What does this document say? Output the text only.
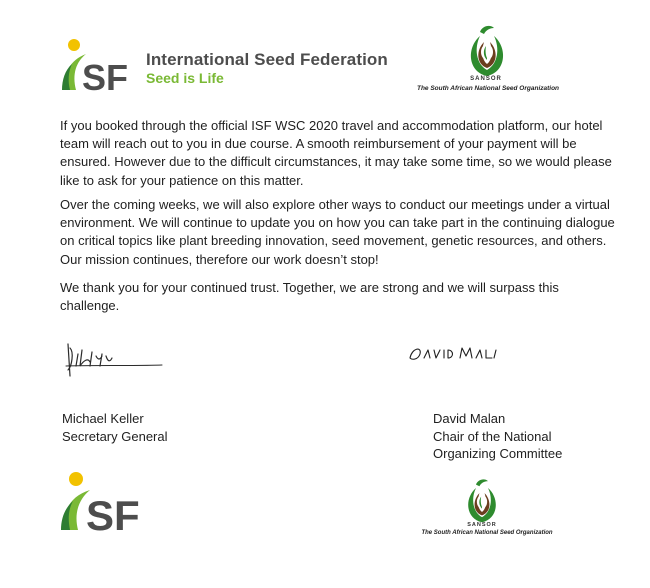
SF International Seed Federation
Seed is Life	SANSOR
The South African National Seed Organization

If you booked through the official ISF WSC 2020 travel and accommodation platform, our hotel team will reach out to you in due course. A smooth reimbursement of your payment will be ensured. However due to the difficult circumstances, it may take some time, so we would please like to ask for your patience on this matter.

Over the coming weeks, we will also explore other ways to conduct our meetings under a virtual environment. We will continue to update you on how you can take part in the continuing dialogue on critical topics like plant breeding innovation, seed movement, genetic resources, and others. Our mission continues, therefore our work doesn’t stop!

We thank you for your continued trust. Together, we are strong and we will surpass this challenge.

Michael Keller
Secretary General
David Malan
Chair of the National
Organizing Committee
SF	SANSOR
The South African National Seed Organization
